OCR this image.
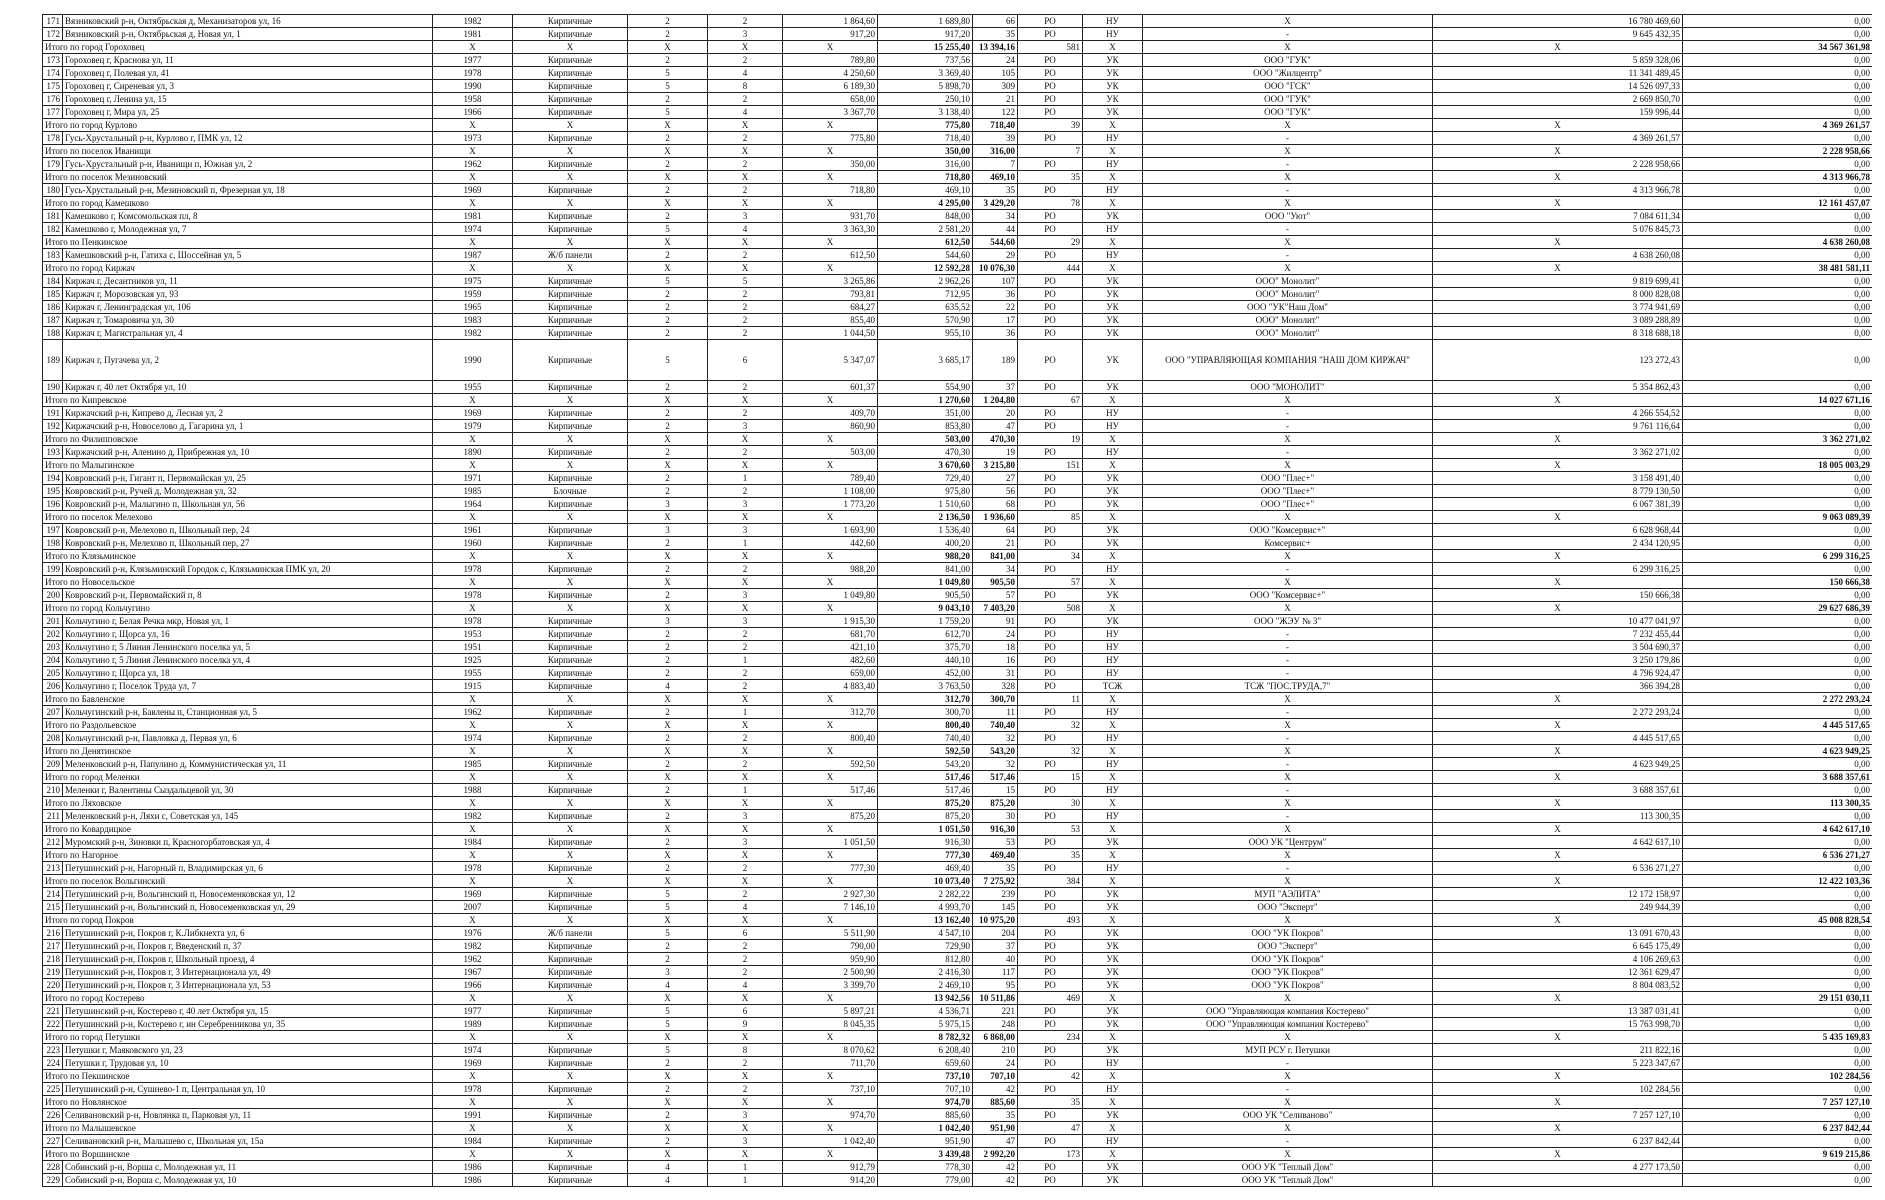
171	Вязниковский р-н, Октябрьская д, Механизаторов ул, 16	1982	Кирпичные	2	2	1 864,60	1 689,80	66	РО	НУ	X	16 780 469,60	0,00	
172	Вязниковский р-н, Октябрьская д, Новая ул, 1	1981	Кирпичные	2	3	917,20	917,20	35	РО	НУ	-	9 645 432,35	0,00	
Итого по город Гороховец		X	X	X	X	X	15 255,40	13 394,16	581	X	X	X	34 567 361,98	
173	Гороховец г, Краснова ул, 11	1977	Кирпичные	2	2	789,80	737,56	24	РО	УК	ООО "ГУК"	5 859 328,06	0,00	
174	Гороховец г, Полевая ул, 41	1978	Кирпичные	5	4	4 250,60	3 369,40	105	РО	УК	ООО "Жилцентр"	11 341 489,45	0,00	
175	Гороховец г, Сиреневая ул, 3	1990	Кирпичные	5	8	6 189,30	5 898,70	309	РО	УК	ООО "ГСК"	14 526 097,33	0,00	
176	Гороховец г, Ленина ул, 15	1958	Кирпичные	2	2	658,00	250,10	21	РО	УК	ООО "ГУК"	2 669 850,70	0,00	
177	Гороховец г, Мира ул, 25	1966	Кирпичные	5	4	3 367,70	3 138,40	122	РО	УК	ООО "ГУК"	159 996,44	0,00	
Итого по город Курлово		X	X	X	X	X	775,80	718,40	39	X	X	X	4 369 261,57	
178	Гусь-Хрустальный р-н, Курлово г, ПМК ул, 12	1973	Кирпичные	2	2	775,80	718,40	39	РО	НУ	-	4 369 261,57	0,00	
Итого по поселок Иванищи		X	X	X	X	X	350,00	316,00	7	X	X	X	2 228 958,66	
179	Гусь-Хрустальный р-н, Иванищи п, Южная ул, 2	1962	Кирпичные	2	2	350,00	316,00	7	РО	НУ	-	2 228 958,66	0,00	
Итого по поселок Мезиновский		X	X	X	X	X	718,80	469,10	35	X	X	X	4 313 966,78	
180	Гусь-Хрустальный р-н, Мезиновский п, Фрезерная ул, 18	1969	Кирпичные	2	2	718,80	469,10	35	РО	НУ	-	4 313 966,78	0,00	
Итого по город Камешково		X	X	X	X	X	4 295,00	3 429,20	78	X	X	X	12 161 457,07	
181	Камешково г, Комсомольская пл, 8	1981	Кирпичные	2	3	931,70	848,00	34	РО	УК	ООО "Уют"	7 084 611,34	0,00	
182	Камешково г, Молодежная ул, 7	1974	Кирпичные	5	4	3 363,30	2 581,20	44	РО	НУ	-	5 076 845,73	0,00	
Итого по Пенкинское		X	X	X	X	X	612,50	544,60	29	X	X	X	4 638 260,08	
183	Камешковский р-н, Гатиха с, Шоссейная ул, 5	1987	Ж/б панели	2	2	612,50	544,60	29	РО	НУ	-	4 638 260,08	0,00	
Итого по город Киржач		X	X	X	X	X	12 592,28	10 076,30	444	X	X	X	38 481 581,11	
184	Киржач г, Десантников ул, 11	1975	Кирпичные	5	5	3 265,86	2 962,26	107	РО	УК	ООО" Монолит"	9 819 699,41	0,00	
185	Киржач г, Морозовская ул, 93	1959	Кирпичные	2	2	793,81	712,95	36	РО	УК	ООО" Монолит"	8 000 828,08	0,00	
186	Киржач г, Ленинградская ул, 106	1965	Кирпичные	2	2	684,27	635,52	22	РО	УК	ООО "УК"Наш Дом"	3 774 941,69	0,00	
187	Киржач г, Томаровича ул, 30	1983	Кирпичные	2	2	855,40	570,90	17	РО	УК	ООО" Монолит"	3 089 288,89	0,00	
188	Киржач г, Магистральная ул, 4	1982	Кирпичные	2	2	1 044,50	955,10	36	РО	УК	ООО" Монолит"	8 318 688,18	0,00	
189	Киржач г, Пугачева ул, 2	1990	Кирпичные	5	6	5 347,07	3 685,17	189	РО	УК	ООО "УПРАВЛЯЮЩАЯ КОМПАНИЯ "НАШ ДОМ КИРЖАЧ"	123 272,43	0,00	
190	Киржач г, 40 лет Октября ул, 10	1955	Кирпичные	2	2	601,37	554,90	37	РО	УК	ООО "МОНОЛИТ"	5 354 862,43	0,00	
Итого по Кипревское		X	X	X	X	X	1 270,60	1 204,80	67	X	X	X	14 027 671,16	
191	Киржачский р-н, Кипрево д, Лесная ул, 2	1969	Кирпичные	2	2	409,70	351,00	20	РО	НУ	-	4 266 554,52	0,00	
192	Киржачский р-н, Новоселово д, Гагарина ул, 1	1979	Кирпичные	2	3	860,90	853,80	47	РО	НУ	-	9 761 116,64	0,00	
Итого по Филипповское		X	X	X	X	X	503,00	470,30	19	X	X	X	3 362 271,02	
193	Киржачский р-н, Аленино д, Прибрежная ул, 10	1890	Кирпичные	2	2	503,00	470,30	19	РО	НУ	-	3 362 271,02	0,00	
Итого по Малыгинское		X	X	X	X	X	3 670,60	3 215,80	151	X	X	X	18 005 003,29	
194	Ковровский р-н, Гигант п, Первомайская ул, 25	1971	Кирпичные	2	1	789,40	729,40	27	РО	УК	ООО "Плес+"	3 158 491,40	0,00	
195	Ковровский р-н, Ручей д, Молодежная ул, 32	1985	Блочные	2	2	1 108,00	975,80	56	РО	УК	ООО "Плес+"	8 779 130,50	0,00	
196	Ковровский р-н, Малыгино п, Школьная ул, 56	1964	Кирпичные	3	3	1 773,20	1 510,60	68	РО	УК	ООО "Плес+"	6 067 381,39	0,00	
Итого по поселок Мелехово		X	X	X	X	X	2 136,50	1 936,60	85	X	X	X	9 063 089,39	
197	Ковровский р-н, Мелехово п, Школьный пер, 24	1961	Кирпичные	3	3	1 693,90	1 536,40	64	РО	УК	ООО "Комсервис+"	6 628 968,44	0,00	
198	Ковровский р-н, Мелехово п, Школьный пер, 27	1960	Кирпичные	2	1	442,60	400,20	21	РО	УК	Комсервис+	2 434 120,95	0,00	
Итого по Клязьминское		X	X	X	X	X	988,20	841,00	34	X	X	X	6 299 316,25	
199	Ковровский р-н, Клязьминский Городок с, Клязьминская ПМК ул, 20	1978	Кирпичные	2	2	988,20	841,00	34	РО	НУ	-	6 299 316,25	0,00	
Итого по Новосельское		X	X	X	X	X	1 049,80	905,50	57	X	X	X	150 666,38	
200	Ковровский р-н, Первомайский п, 8	1978	Кирпичные	2	3	1 049,80	905,50	57	РО	УК	ООО "Комсервис+"	150 666,38	0,00	
Итого по город Кольчугино		X	X	X	X	X	9 043,10	7 403,20	508	X	X	X	29 627 686,39	
201	Кольчугино г, Белая Речка мкр, Новая ул, 1	1978	Кирпичные	3	3	1 915,30	1 759,20	91	РО	УК	ООО "ЖЭУ № 3"	10 477 041,97	0,00	
202	Кольчугино г, Щорса ул, 16	1953	Кирпичные	2	2	681,70	612,70	24	РО	НУ	-	7 232 455,44	0,00	
203	Кольчугино г, 5 Линия Ленинского поселка ул, 5	1951	Кирпичные	2	2	421,10	375,70	18	РО	НУ	-	3 504 690,37	0,00	
204	Кольчугино г, 5 Линия Ленинского поселка ул, 4	1925	Кирпичные	2	1	482,60	440,10	16	РО	НУ	-	3 250 179,86	0,00	
205	Кольчугино г, Щорса ул, 18	1955	Кирпичные	2	2	659,00	452,00	31	РО	НУ	-	4 796 924,47	0,00	
206	Кольчугино г, Поселок Труда ул, 7	1915	Кирпичные	4	2	4 883,40	3 763,50	328	РО	ТСЖ	ТСЖ "ПОС.ТРУДА,7"	366 394,28	0,00	
Итого по Бавленское		X	X	X	X	X	312,70	300,70	11	X	X	X	2 272 293,24	
207	Кольчугинский р-н, Бавлены п, Станционная ул, 5	1962	Кирпичные	2	1	312,70	300,70	11	РО	НУ	-	2 272 293,24	0,00	
Итого по Раздольевское		X	X	X	X	X	800,40	740,40	32	X	X	X	4 445 517,65	
208	Кольчугинский р-н, Павловка д, Первая ул, 6	1974	Кирпичные	2	2	800,40	740,40	32	РО	НУ	-	4 445 517,65	0,00	
Итого по Денятинское		X	X	X	X	X	592,50	543,20	32	X	X	X	4 623 949,25	
209	Меленковский р-н, Папулино д, Коммунистическая ул, 11	1985	Кирпичные	2	2	592,50	543,20	32	РО	НУ	-	4 623 949,25	0,00	
Итого по город Меленки		X	X	X	X	X	517,46	517,46	15	X	X	X	3 688 357,61	
210	Меленки г, Валентины Сыздальцевой ул, 30	1988	Кирпичные	2	1	517,46	517,46	15	РО	НУ	-	3 688 357,61	0,00	
Итого по Ляховское		X	X	X	X	X	875,20	875,20	30	X	X	X	113 300,35	
211	Меленковский р-н, Ляхи с, Советская ул, 145	1982	Кирпичные	2	3	875,20	875,20	30	РО	НУ	-	113 300,35	0,00	
Итого по Ковардицкое		X	X	X	X	X	1 051,50	916,30	53	X	X	X	4 642 617,10	
212	Муромский р-н, Зиновки п, Красногорбатовская ул, 4	1984	Кирпичные	2	3	1 051,50	916,30	53	РО	УК	ООО УК "Центрум"	4 642 617,10	0,00	
Итого по Нагорное		X	X	X	X	X	777,30	469,40	35	X	X	X	6 536 271,27	
213	Петушинский р-н, Нагорный п, Владимирская ул, 6	1978	Кирпичные	2	2	777,30	469,40	35	РО	НУ	-	6 536 271,27	0,00	
Итого по поселок Вольгинский		X	X	X	X	X	10 073,40	7 275,92	384	X	X	X	12 422 103,36	
214	Петушинский р-н, Вольгинский п, Новосеменковская ул, 12	1969	Кирпичные	5	2	2 927,30	2 282,22	239	РО	УК	МУП "АЭЛИТА"	12 172 158,97	0,00	
215	Петушинский р-н, Вольгинский п, Новосеменковская ул, 29	2007	Кирпичные	5	4	7 146,10	4 993,70	145	РО	УК	ООО "Эксперт"	249 944,39	0,00	
Итого по город Покров		X	X	X	X	X	13 162,40	10 975,20	493	X	X	X	45 008 828,54	
216	Петушинский р-н, Покров г, К.Либкнехта ул, 6	1976	Ж/б панели	5	6	5 511,90	4 547,10	204	РО	УК	ООО "УК Покров"	13 091 670,43	0,00	
217	Петушинский р-н, Покров г, Введенский п, 37	1982	Кирпичные	2	2	790,00	729,90	37	РО	УК	ООО "Эксперт"	6 645 175,49	0,00	
218	Петушинский р-н, Покров г, Школьный проезд, 4	1962	Кирпичные	2	2	959,90	812,80	40	РО	УК	ООО "УК Покров"	4 106 269,63	0,00	
219	Петушинский р-н, Покров г, 3 Интернационала ул, 49	1967	Кирпичные	3	2	2 500,90	2 416,30	117	РО	УК	ООО "УК Покров"	12 361 629,47	0,00	
220	Петушинский р-н, Покров г, 3 Интернационала ул, 53	1966	Кирпичные	4	4	3 399,70	2 469,10	95	РО	УК	ООО "УК Покров"	8 804 083,52	0,00	
Итого по город Костерево		X	X	X	X	X	13 942,56	10 511,86	469	X	X	X	29 151 030,11	
221	Петушинский р-н, Костерево г, 40 лет Октября ул, 15	1977	Кирпичные	5	6	5 897,21	4 536,71	221	РО	УК	ООО "Управляющая компания Костерево"	13 387 031,41	0,00	
222	Петушинский р-н, Костерево г, ин Серебренникова ул, 35	1989	Кирпичные	5	9	8 045,35	5 975,15	248	РО	УК	ООО "Управляющая компания Костерево"	15 763 998,70	0,00	
Итого по город Петушки		X	X	X	X	X	8 782,32	6 868,00	234	X	X	X	5 435 169,83	
223	Петушки г, Маяковского ул, 23	1974	Кирпичные	5	8	8 070,62	6 208,40	210	РО	УК	МУП РСУ г. Петушки	211 822,16	0,00	
224	Петушки г, Трудовая ул, 10	1969	Кирпичные	2	2	711,70	659,60	24	РО	НУ	-	5 223 347,67	0,00	
Итого по Пекшинское		X	X	X	X	X	737,10	707,10	42	X	X	X	102 284,56	
225	Петушинский р-н, Сушнево-1 п, Центральная ул, 10	1978	Кирпичные	2	2	737,10	707,10	42	РО	НУ	-	102 284,56	0,00	
Итого по Новлянское		X	X	X	X	X	974,70	885,60	35	X	X	X	7 257 127,10	
226	Селивановский р-н, Новлянка п, Парковая ул, 11	1991	Кирпичные	2	3	974,70	885,60	35	РО	УК	ООО УК "Селиваново"	7 257 127,10	0,00	
Итого по Малышевское		X	X	X	X	X	1 042,40	951,90	47	X	X	X	6 237 842,44	
227	Селивановский р-н, Малышево с, Школьная ул, 15а	1984	Кирпичные	2	3	1 042,40	951,90	47	РО	НУ	-	6 237 842,44	0,00	
Итого по Воршинское		X	X	X	X	X	3 439,48	2 992,20	173	X	X	X	9 619 215,86	
228	Собинский р-н, Ворша с, Молодежная ул, 11	1986	Кирпичные	4	1	912,79	778,30	42	РО	УК	ООО УК "Теплый Дом"	4 277 173,50	0,00	
229	Собинский р-н, Ворша с, Молодежная ул, 10	1986	Кирпичные	4	1	914,20	779,00	42	РО	УК	ООО УК "Теплый Дом"		0,00	
